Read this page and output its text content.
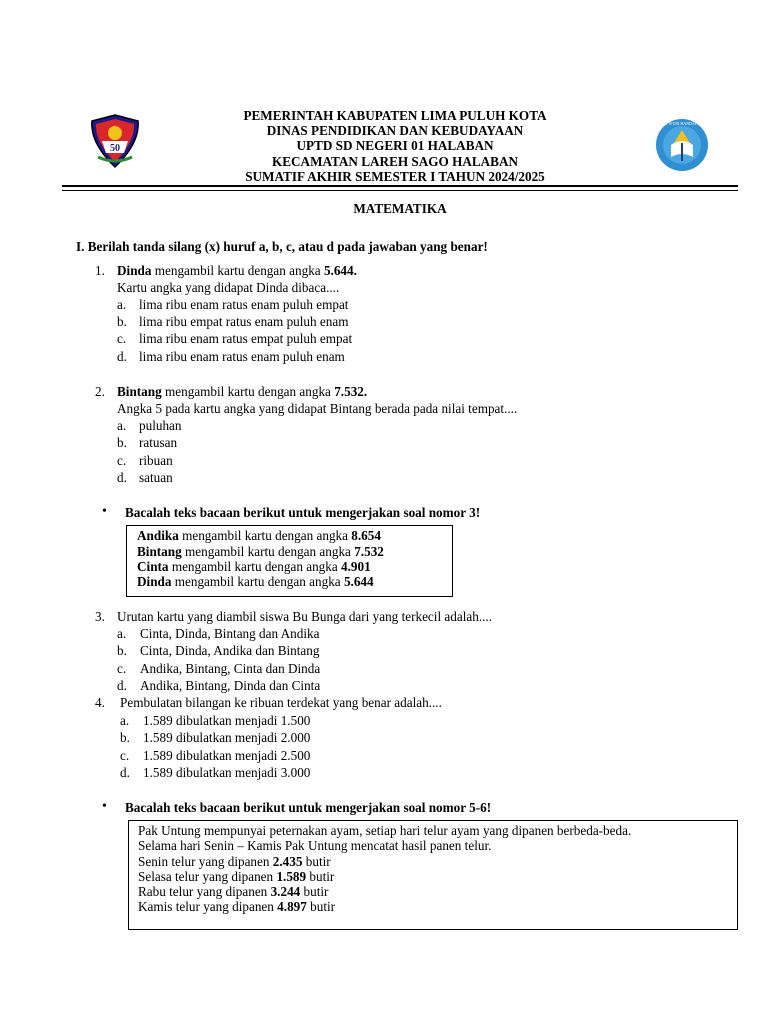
50
PEMERINTAH KABUPATEN LIMA PULUH KOTA
DINAS PENDIDIKAN DAN KEBUDAYAAN
UPTD SD NEGERI 01 HALABAN
KECAMATAN LAREH SAGO HALABAN
SUMATIF AKHIR SEMESTER I TAHUN 2024/2025
TUT WURI HANDAYANI
MATEMATIKA
I. Berilah tanda silang (x) huruf a, b, c, atau d pada jawaban yang benar!
1. Dinda mengambil kartu dengan angka 5.644.
Kartu angka yang didapat Dinda dibaca....
a. lima ribu enam ratus enam puluh empat
b. lima ribu empat ratus enam puluh enam
c. lima ribu enam ratus empat puluh empat
d. lima ribu enam ratus enam puluh enam
2. Bintang mengambil kartu dengan angka 7.532.
Angka 5 pada kartu angka yang didapat Bintang berada pada nilai tempat....
a. puluhan
b. ratusan
c. ribuan
d. satuan
• Bacalah teks bacaan berikut untuk mengerjakan soal nomor 3!
Andika mengambil kartu dengan angka 8.654
Bintang mengambil kartu dengan angka 7.532
Cinta mengambil kartu dengan angka 4.901
Dinda mengambil kartu dengan angka 5.644
3. Urutan kartu yang diambil siswa Bu Bunga dari yang terkecil adalah....
a. Cinta, Dinda, Bintang dan Andika
b. Cinta, Dinda, Andika dan Bintang
c. Andika, Bintang, Cinta dan Dinda
d. Andika, Bintang, Dinda dan Cinta
4. Pembulatan bilangan ke ribuan terdekat yang benar adalah....
a. 1.589 dibulatkan menjadi 1.500
b. 1.589 dibulatkan menjadi 2.000
c. 1.589 dibulatkan menjadi 2.500
d. 1.589 dibulatkan menjadi 3.000
• Bacalah teks bacaan berikut untuk mengerjakan soal nomor 5-6!
Pak Untung mempunyai peternakan ayam, setiap hari telur ayam yang dipanen berbeda-beda.
Selama hari Senin – Kamis Pak Untung mencatat hasil panen telur.
Senin telur yang dipanen 2.435 butir
Selasa telur yang dipanen 1.589 butir
Rabu telur yang dipanen 3.244 butir
Kamis telur yang dipanen 4.897 butir
